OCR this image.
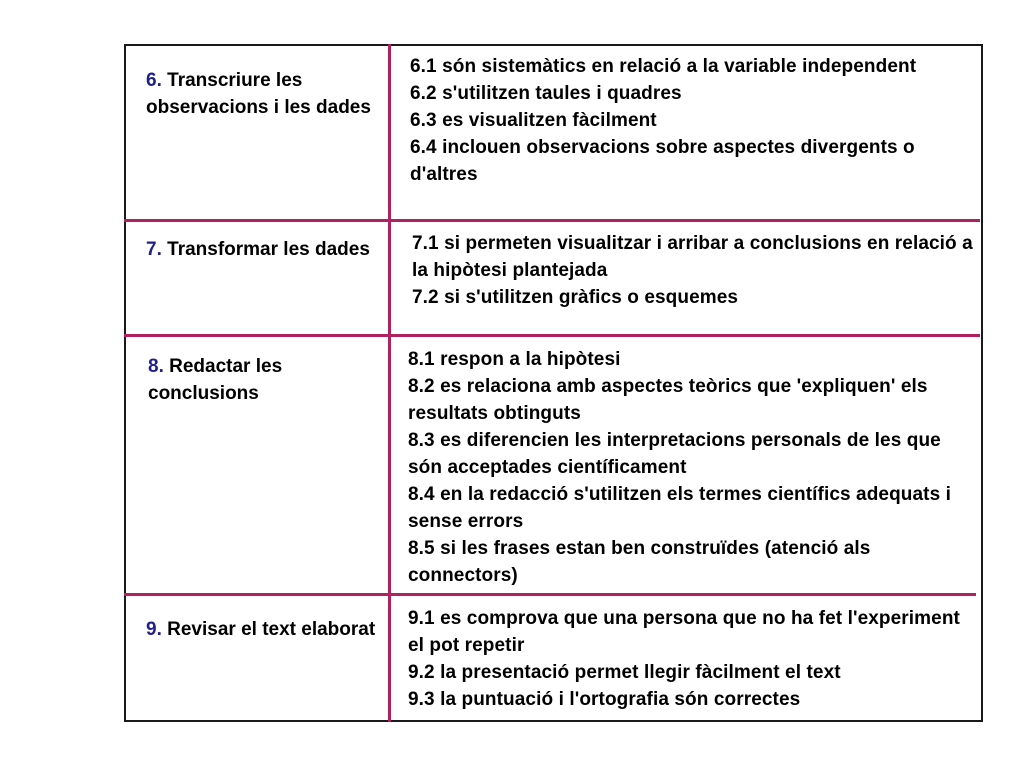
6. Transcriure les observacions i les dades
6.1 són sistemàtics en relació a la variable independent
6.2 s'utilitzen taules i quadres
6.3 es visualitzen fàcilment
6.4 inclouen observacions sobre aspectes divergents o d'altres
7. Transformar les dades	7.1 si permeten visualitzar i arribar a conclusions en relació a la hipòtesi plantejada
7.2 si s'utilitzen gràfics o esquemes
8. Redactar les conclusions
8.1 respon a la hipòtesi
8.2 es relaciona amb aspectes teòrics que 'expliquen' els resultats obtinguts
8.3 es diferencien les interpretacions personals de les que són acceptades científicament
8.4 en la redacció s'utilitzen els termes científics adequats i sense errors
8.5 si les frases estan ben construïdes (atenció als connectors)
9. Revisar el text elaborat
9.1 es comprova que una persona que no ha fet l'experiment el pot repetir
9.2 la presentació permet llegir fàcilment el text
9.3 la puntuació i l'ortografia són correctes
